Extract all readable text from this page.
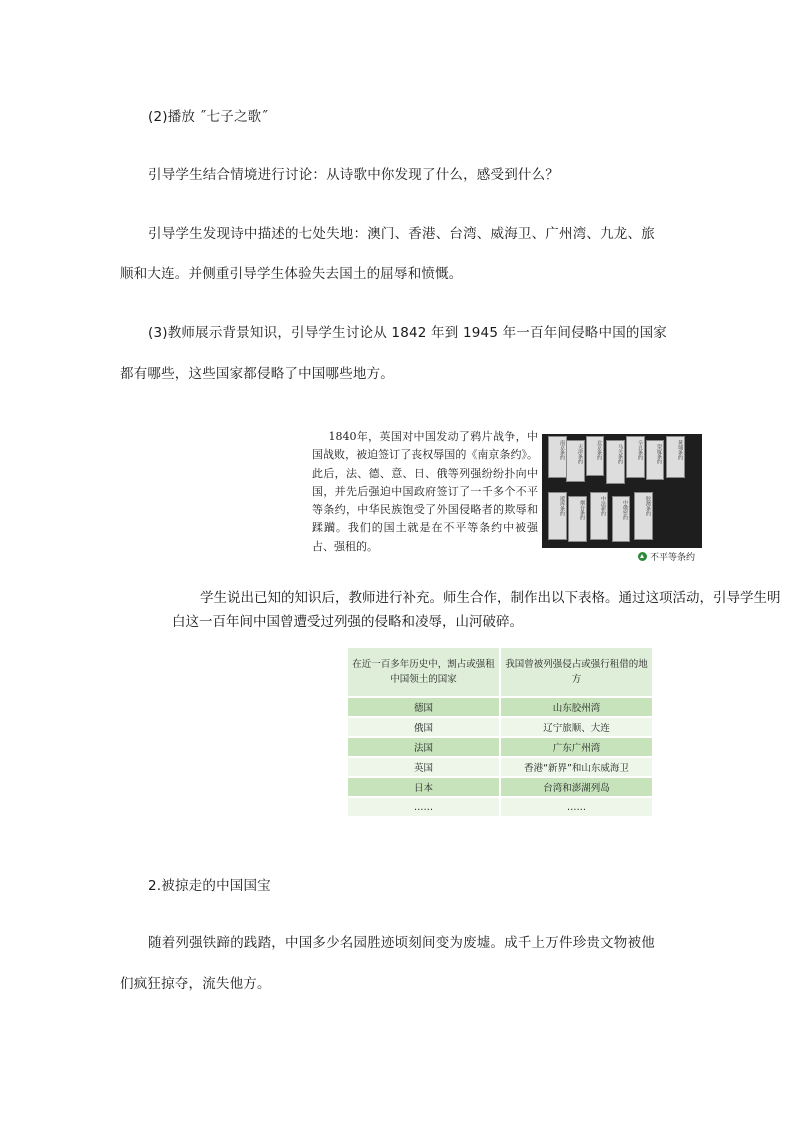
(2)播放 ˝七子之歌˝
引导学生结合情境进行讨论：从诗歌中你发现了什么，感受到什么？
引导学生发现诗中描述的七处失地：澳门、香港、台湾、威海卫、广州湾、九龙、旅
顺和大连。并侧重引导学生体验失去国土的屈辱和愤慨。
(3)教师展示背景知识，引导学生讨论从 1842 年到 1945 年一百年间侵略中国的国家
都有哪些，这些国家都侵略了中国哪些地方。

1840年，英国对中国发动了鸦片战争，中国战败，被迫签订了丧权辱国的《南京条约》。此后，法、德、意、日、俄等列强纷纷扑向中国，并先后强迫中国政府签订了一千多个不平等条约，中华民族饱受了外国侵略者的欺辱和蹂躏。我们的国土就是在不平等条约中被强占、强租的。

南京条约	天津条约	北京条约	马关条约	辛丑条约	望厦条约	黄埔条约
瑷珲条约	烟台条约	中法新约	中俄密约	胶澳条约
不平等条约
学生说出已知的知识后，教师进行补充。师生合作，制作出以下表格。通过这项活动，引导学生明
白这一百年间中国曾遭受过列强的侵略和凌辱，山河破碎。
在近一百多年历史中，割占或强租中国领土的国家	我国曾被列强侵占或强行租借的地方
德国	山东胶州湾
俄国	辽宁旅顺、大连
法国	广东广州湾
英国	香港“新界”和山东威海卫
日本	台湾和澎湖列岛
……	……
2.被掠走的中国国宝
随着列强铁蹄的践踏，中国多少名园胜迹顷刻间变为废墟。成千上万件珍贵文物被他
们疯狂掠夺，流失他方。
